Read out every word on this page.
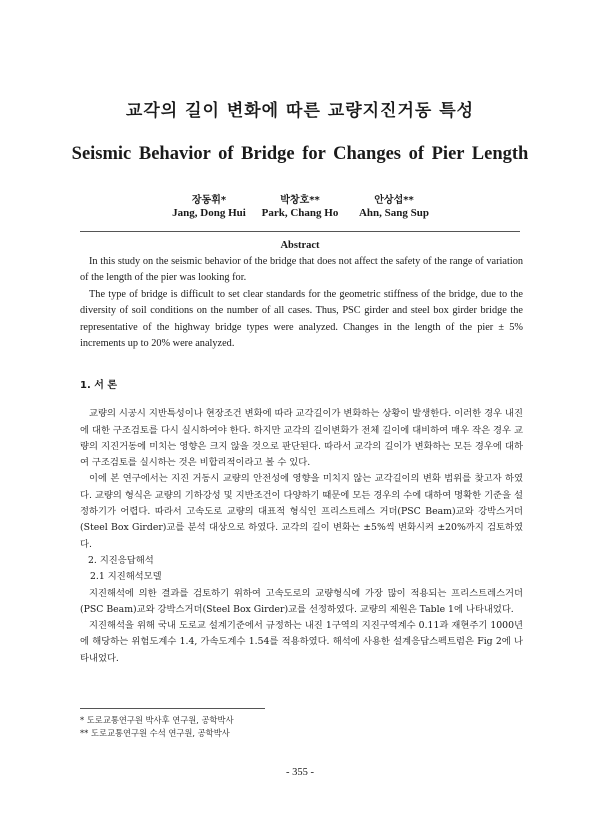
교각의 길이 변화에 따른 교량지진거동 특성
Seismic Behavior of Bridge for Changes of Pier Length
장동휘*
Jang, Dong Hui
박창호**
Park, Chang Ho
안상섭**
Ahn, Sang Sup
Abstract

In this study on the seismic behavior of the bridge that does not affect the safety of the range of variation of the length of the pier was looking for.

The type of bridge is difficult to set clear standards for the geometric stiffness of the bridge, due to the diversity of soil conditions on the number of all cases. Thus, PSC girder and steel box girder bridge the representative of the highway bridge types were analyzed. Changes in the length of the pier ± 5% increments up to 20% were analyzed.

1. 서 론

교량의 시공시 지반특성이나 현장조건 변화에 따라 교각길이가 변화하는 상황이 발생한다. 이러한 경우 내진에 대한 구조검토를 다시 실시하여야 한다. 하지만 교각의 길이변화가 전체 길이에 대비하여 매우 작은 경우 교량의 지진거동에 미치는 영향은 크지 않을 것으로 판단된다. 따라서 교각의 길이가 변화하는 모든 경우에 대하여 구조검토를 실시하는 것은 비합리적이라고 볼 수 있다.

이에 본 연구에서는 지진 거동시 교량의 안전성에 영향을 미치지 않는 교각길이의 변화 범위를 찾고자 하였다. 교량의 형식은 교량의 기하강성 및 지반조건이 다양하기 때문에 모든 경우의 수에 대하여 명확한 기준을 설정하기가 어렵다. 따라서 고속도로 교량의 대표적 형식인 프리스트레스 거더(PSC Beam)교와 강박스거더(Steel Box Girder)교를 분석 대상으로 하였다. 교각의 길이 변화는 ±5%씩 변화시켜 ±20%까지 검토하였다.

2. 지진응답해석

2.1 지진해석모델

지진해석에 의한 결과를 검토하기 위하여 고속도로의 교량형식에 가장 많이 적용되는 프리스트레스거더(PSC Beam)교와 강박스거더(Steel Box Girder)교를 선정하였다. 교량의 제원은 Table 1에 나타내었다.

지진해석을 위해 국내 도로교 설계기준에서 규정하는 내진 1구역의 지진구역계수 0.11과 재현주기 1000년에 해당하는 위험도계수 1.4, 가속도계수 1.54를 적용하였다. 해석에 사용한 설계응답스펙트럼은 Fig 2에 나타내었다.

* 도로교통연구원 박사후 연구원, 공학박사
** 도로교통연구원 수석 연구원, 공학박사
- 355 -
